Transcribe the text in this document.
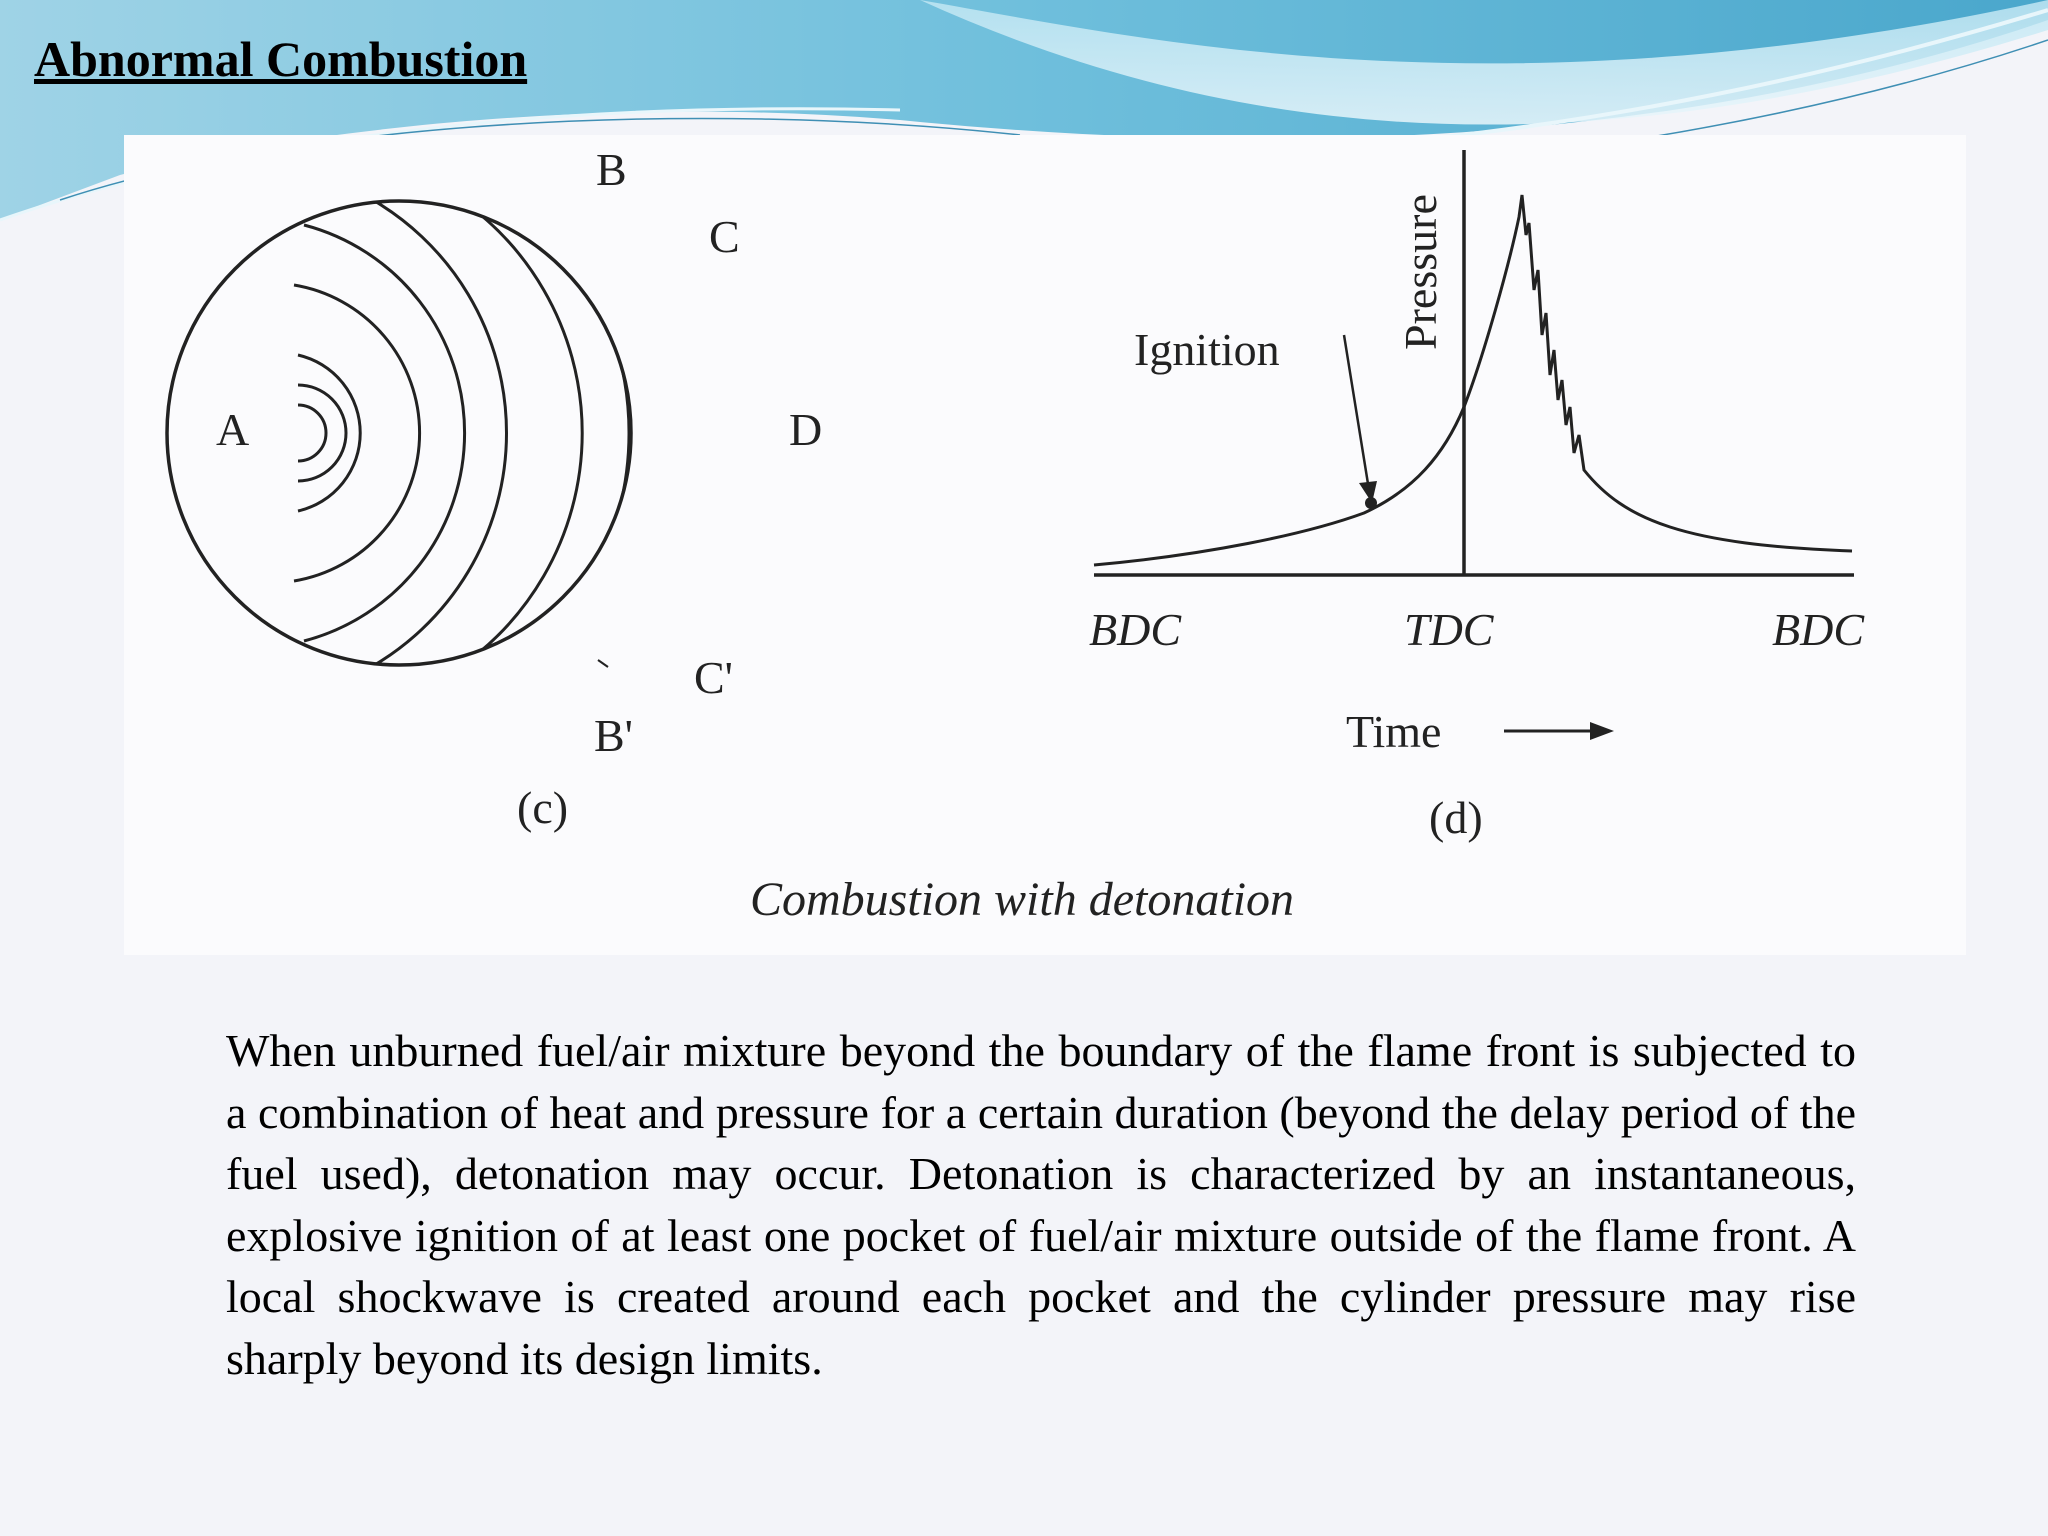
Abnormal Combustion
A
B
C
D
B'
C'
(c)
Pressure
Ignition
BDC	TDC	BDC
Time
(d)
Combustion with detonation

When unburned fuel/air mixture beyond the boundary of the flame front is subjected to a combination of heat and pressure for a certain duration (beyond the delay period of the fuel used), detonation may occur. Detonation is characterized by an instantaneous, explosive ignition of at least one pocket of fuel/air mixture outside of the flame front. A local shockwave is created around each pocket and the cylinder pressure may rise sharply beyond its design limits.
